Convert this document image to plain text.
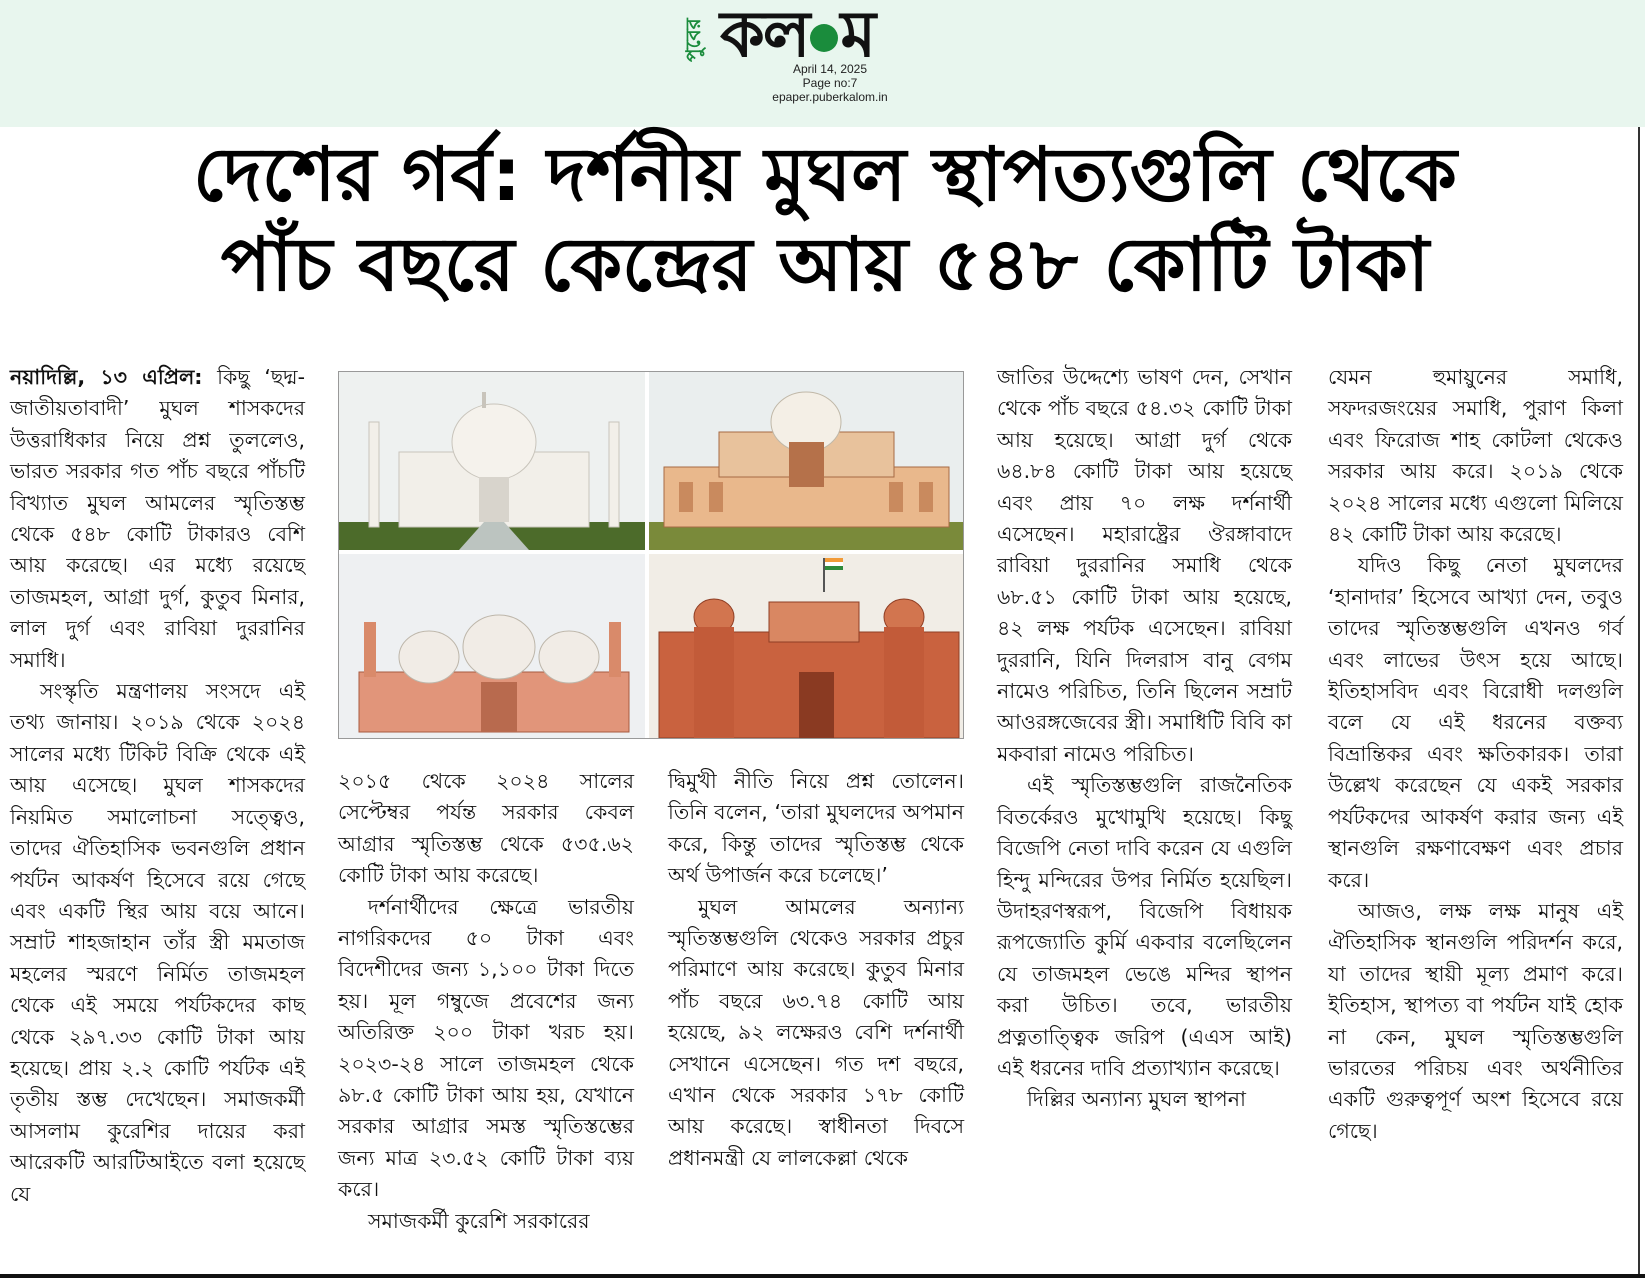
পুবের কল ম
April 14, 2025
Page no:7
epaper.puberkalom.in
দেশের গর্ব: দর্শনীয় মুঘল স্থাপত্যগুলি থেকে
পাঁচ বছরে কেন্দ্রের আয় ৫৪৮ কোটি টাকা

নয়াদিল্লি, ১৩ এপ্রিল: কিছু ‘ছদ্ম-জাতীয়তাবাদী’ মুঘল শাসকদের উত্তরাধিকার নিয়ে প্রশ্ন তুললেও, ভারত সরকার গত পাঁচ বছরে পাঁচটি বিখ্যাত মুঘল আমলের স্মৃতিস্তম্ভ থেকে ৫৪৮ কোটি টাকারও বেশি আয় করেছে। এর মধ্যে রয়েছে তাজমহল, আগ্রা দুর্গ, কুতুব মিনার, লাল দুর্গ এবং রাবিয়া দুররানির সমাধি।

সংস্কৃতি মন্ত্রণালয় সংসদে এই তথ্য জানায়। ২০১৯ থেকে ২০২৪ সালের মধ্যে টিকিট বিক্রি থেকে এই আয় এসেছে। মুঘল শাসকদের নিয়মিত সমালোচনা সত্ত্বেও, তাদের ঐতিহাসিক ভবনগুলি প্রধান পর্যটন আকর্ষণ হিসেবে রয়ে গেছে এবং একটি স্থির আয় বয়ে আনে। সম্রাট শাহজাহান তাঁর স্ত্রী মমতাজ মহলের স্মরণে নির্মিত তাজমহল থেকে এই সময়ে পর্যটকদের কাছ থেকে ২৯৭.৩৩ কোটি টাকা আয় হয়েছে। প্রায় ২.২ কোটি পর্যটক এই তৃতীয় স্তম্ভ দেখেছেন। সমাজকর্মী আসলাম কুরেশির দায়ের করা আরেকটি আরটিআইতে বলা হয়েছে যে

২০১৫ থেকে ২০২৪ সালের সেপ্টেম্বর পর্যন্ত সরকার কেবল আগ্রার স্মৃতিস্তম্ভ থেকে ৫৩৫.৬২ কোটি টাকা আয় করেছে।

দর্শনার্থীদের ক্ষেত্রে ভারতীয় নাগরিকদের ৫০ টাকা এবং বিদেশীদের জন্য ১,১০০ টাকা দিতে হয়। মূল গম্বুজে প্রবেশের জন্য অতিরিক্ত ২০০ টাকা খরচ হয়। ২০২৩-২৪ সালে তাজমহল থেকে ৯৮.৫ কোটি টাকা আয় হয়, যেখানে সরকার আগ্রার সমস্ত স্মৃতিস্তম্ভের জন্য মাত্র ২৩.৫২ কোটি টাকা ব্যয় করে।

সমাজকর্মী কুরেশি সরকারের

দ্বিমুখী নীতি নিয়ে প্রশ্ন তোলেন। তিনি বলেন, ‘তারা মুঘলদের অপমান করে, কিন্তু তাদের স্মৃতিস্তম্ভ থেকে অর্থ উপার্জন করে চলেছে।’

মুঘল আমলের অন্যান্য স্মৃতিস্তম্ভগুলি থেকেও সরকার প্রচুর পরিমাণে আয় করেছে। কুতুব মিনার পাঁচ বছরে ৬৩.৭৪ কোটি আয় হয়েছে, ৯২ লক্ষেরও বেশি দর্শনার্থী সেখানে এসেছেন। গত দশ বছরে, এখান থেকে সরকার ১৭৮ কোটি আয় করেছে। স্বাধীনতা দিবসে প্রধানমন্ত্রী যে লালকেল্লা থেকে

জাতির উদ্দেশ্যে ভাষণ দেন, সেখান থেকে পাঁচ বছরে ৫৪.৩২ কোটি টাকা আয় হয়েছে। আগ্রা দুর্গ থেকে ৬৪.৮৪ কোটি টাকা আয় হয়েছে এবং প্রায় ৭০ লক্ষ দর্শনার্থী এসেছেন। মহারাষ্ট্রের ঔরঙ্গাবাদে রাবিয়া দুররানির সমাধি থেকে ৬৮.৫১ কোটি টাকা আয় হয়েছে, ৪২ লক্ষ পর্যটক এসেছেন। রাবিয়া দুররানি, যিনি দিলরাস বানু বেগম নামেও পরিচিত, তিনি ছিলেন সম্রাট আওরঙ্গজেবের স্ত্রী। সমাধিটি বিবি কা মকবারা নামেও পরিচিত।

এই স্মৃতিস্তম্ভগুলি রাজনৈতিক বিতর্কেরও মুখোমুখি হয়েছে। কিছু বিজেপি নেতা দাবি করেন যে এগুলি হিন্দু মন্দিরের উপর নির্মিত হয়েছিল। উদাহরণস্বরূপ, বিজেপি বিধায়ক রূপজ্যোতি কুর্মি একবার বলেছিলেন যে তাজমহল ভেঙে মন্দির স্থাপন করা উচিত। তবে, ভারতীয় প্রত্নতাত্ত্বিক জরিপ (এএস আই) এই ধরনের দাবি প্রত্যাখ্যান করেছে।

দিল্লির অন্যান্য মুঘল স্থাপনা

যেমন হুমায়ুনের সমাধি, সফদরজংয়ের সমাধি, পুরাণ কিলা এবং ফিরোজ শাহ কোটলা থেকেও সরকার আয় করে। ২০১৯ থেকে ২০২৪ সালের মধ্যে এগুলো মিলিয়ে ৪২ কোটি টাকা আয় করেছে।

যদিও কিছু নেতা মুঘলদের ‘হানাদার’ হিসেবে আখ্যা দেন, তবুও তাদের স্মৃতিস্তম্ভগুলি এখনও গর্ব এবং লাভের উৎস হয়ে আছে। ইতিহাসবিদ এবং বিরোধী দলগুলি বলে যে এই ধরনের বক্তব্য বিভ্রান্তিকর এবং ক্ষতিকারক। তারা উল্লেখ করেছেন যে একই সরকার পর্যটকদের আকর্ষণ করার জন্য এই স্থানগুলি রক্ষণাবেক্ষণ এবং প্রচার করে।

আজও, লক্ষ লক্ষ মানুষ এই ঐতিহাসিক স্থানগুলি পরিদর্শন করে, যা তাদের স্থায়ী মূল্য প্রমাণ করে। ইতিহাস, স্থাপত্য বা পর্যটন যাই হোক না কেন, মুঘল স্মৃতিস্তম্ভগুলি ভারতের পরিচয় এবং অর্থনীতির একটি গুরুত্বপূর্ণ অংশ হিসেবে রয়ে গেছে।
